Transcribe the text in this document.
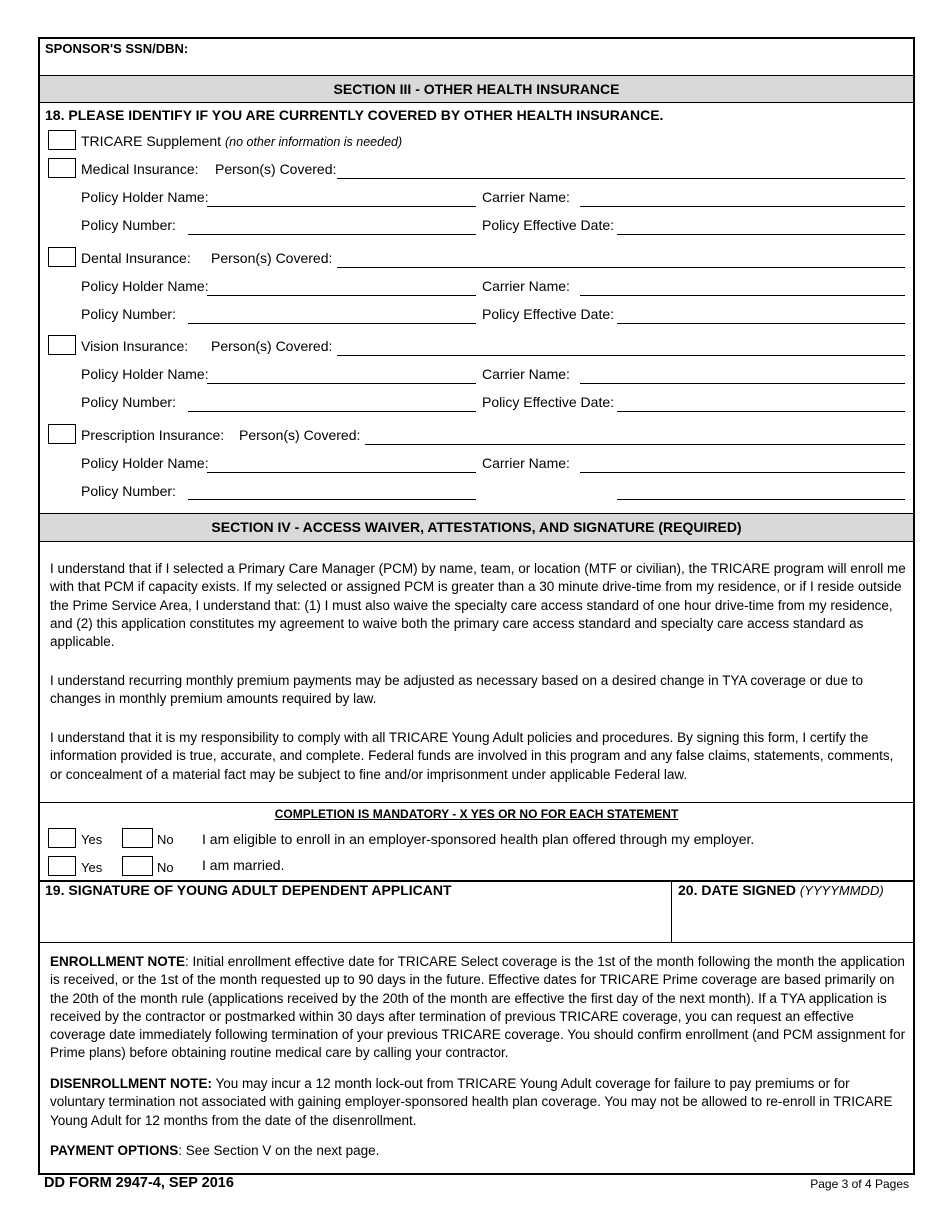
SPONSOR'S SSN/DBN:
SECTION III - OTHER HEALTH INSURANCE
18. PLEASE IDENTIFY IF YOU ARE CURRENTLY COVERED BY OTHER HEALTH INSURANCE.
TRICARE Supplement (no other information is needed)
Medical Insurance: Person(s) Covered:
Policy Holder Name:	Carrier Name:
Policy Number:	Policy Effective Date:
Dental Insurance: Person(s) Covered:
Policy Holder Name:	Carrier Name:
Policy Number:	Policy Effective Date:
Vision Insurance: Person(s) Covered:
Policy Holder Name:	Carrier Name:
Policy Number:	Policy Effective Date:
Prescription Insurance: Person(s) Covered:
Policy Holder Name:	Carrier Name:
Policy Number:
SECTION IV - ACCESS WAIVER, ATTESTATIONS, AND SIGNATURE (REQUIRED)
I understand that if I selected a Primary Care Manager (PCM) by name, team, or location (MTF or civilian), the TRICARE program will enroll me with that PCM if capacity exists. If my selected or assigned PCM is greater than a 30 minute drive-time from my residence, or if I reside outside the Prime Service Area, I understand that: (1) I must also waive the specialty care access standard of one hour drive-time from my residence, and (2) this application constitutes my agreement to waive both the primary care access standard and specialty care access standard as applicable.
I understand recurring monthly premium payments may be adjusted as necessary based on a desired change in TYA coverage or due to changes in monthly premium amounts required by law.
I understand that it is my responsibility to comply with all TRICARE Young Adult policies and procedures. By signing this form, I certify the information provided is true, accurate, and complete. Federal funds are involved in this program and any false claims, statements, comments, or concealment of a material fact may be subject to fine and/or imprisonment under applicable Federal law.
COMPLETION IS MANDATORY - X YES OR NO FOR EACH STATEMENT
Yes	No I am eligible to enroll in an employer-sponsored health plan offered through my employer.
Yes	No I am married.
19. SIGNATURE OF YOUNG ADULT DEPENDENT APPLICANT	20. DATE SIGNED (YYYYMMDD)
ENROLLMENT NOTE: Initial enrollment effective date for TRICARE Select coverage is the 1st of the month following the month the application is received, or the 1st of the month requested up to 90 days in the future. Effective dates for TRICARE Prime coverage are based primarily on the 20th of the month rule (applications received by the 20th of the month are effective the first day of the next month). If a TYA application is received by the contractor or postmarked within 30 days after termination of previous TRICARE coverage, you can request an effective coverage date immediately following termination of your previous TRICARE coverage. You should confirm enrollment (and PCM assignment for Prime plans) before obtaining routine medical care by calling your contractor.
DISENROLLMENT NOTE: You may incur a 12 month lock-out from TRICARE Young Adult coverage for failure to pay premiums or for voluntary termination not associated with gaining employer-sponsored health plan coverage. You may not be allowed to re-enroll in TRICARE Young Adult for 12 months from the date of the disenrollment.
PAYMENT OPTIONS: See Section V on the next page.
DD FORM 2947-4, SEP 2016	Page 3 of 4 Pages
